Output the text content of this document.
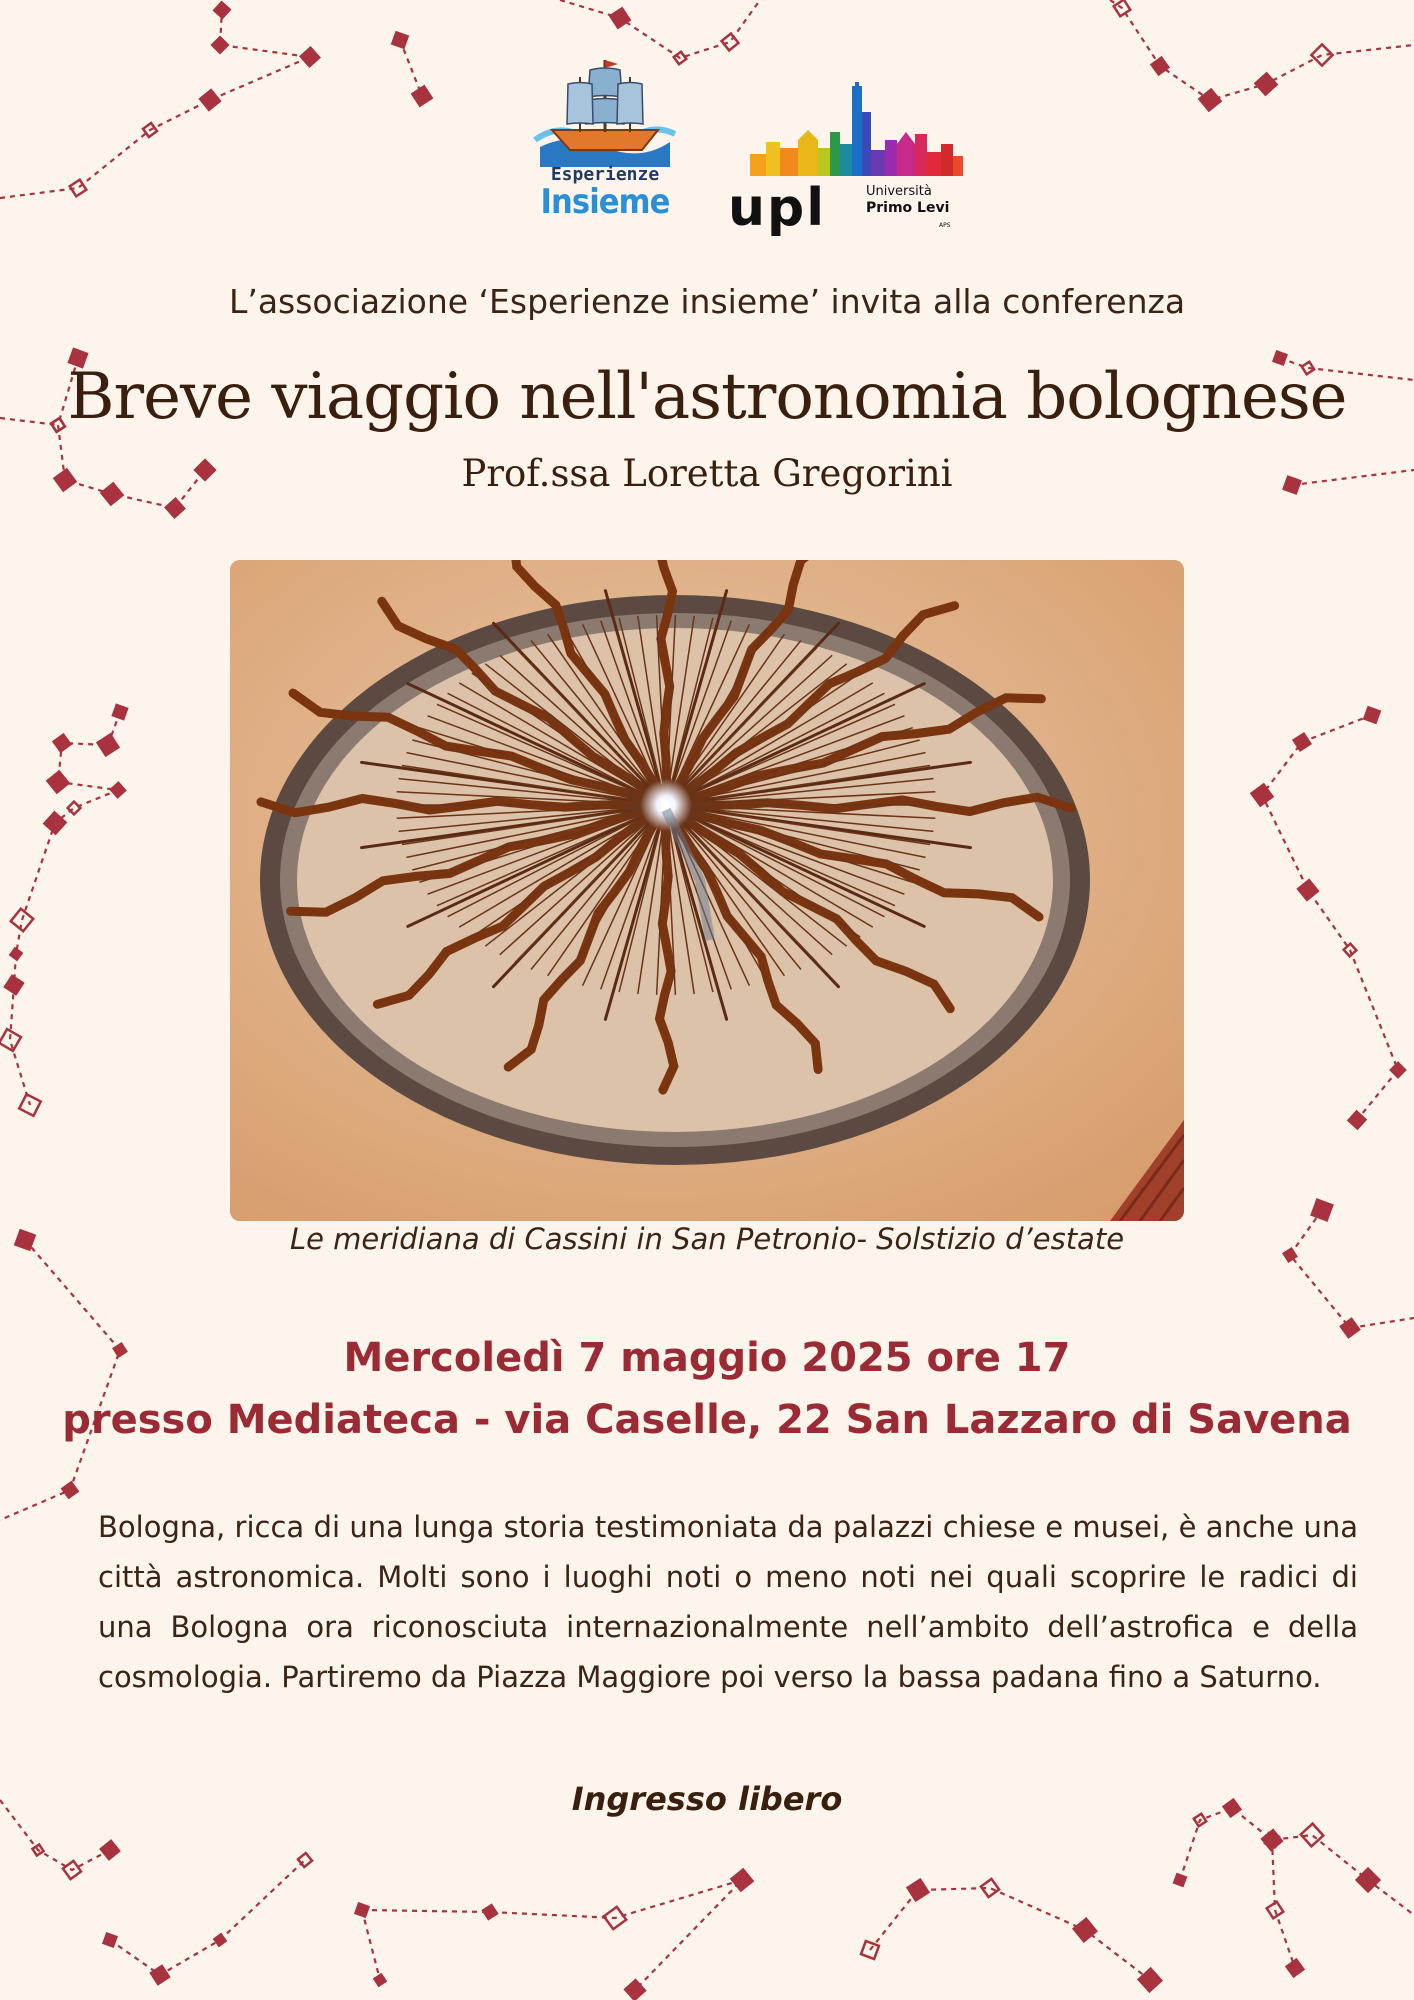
Esperienze
Insieme upl	Università
Primo Levi
APS
L’associazione ‘Esperienze insieme’ invita alla conferenza
Breve viaggio nell'astronomia bolognese
Prof.ssa Loretta Gregorini
Le meridiana di Cassini in San Petronio- Solstizio d’estate
Mercoledì 7 maggio 2025 ore 17
presso Mediateca - via Caselle, 22 San Lazzaro di Savena
Bologna, ricca di una lunga storia testimoniata da palazzi chiese e musei, è anche una città astronomica. Molti sono i luoghi noti o meno noti nei quali scoprire le radici di una Bologna ora riconosciuta internazionalmente nell’ambito dell’astrofica e della cosmologia. Partiremo da Piazza Maggiore poi verso la bassa padana fino a Saturno.
Ingresso libero
